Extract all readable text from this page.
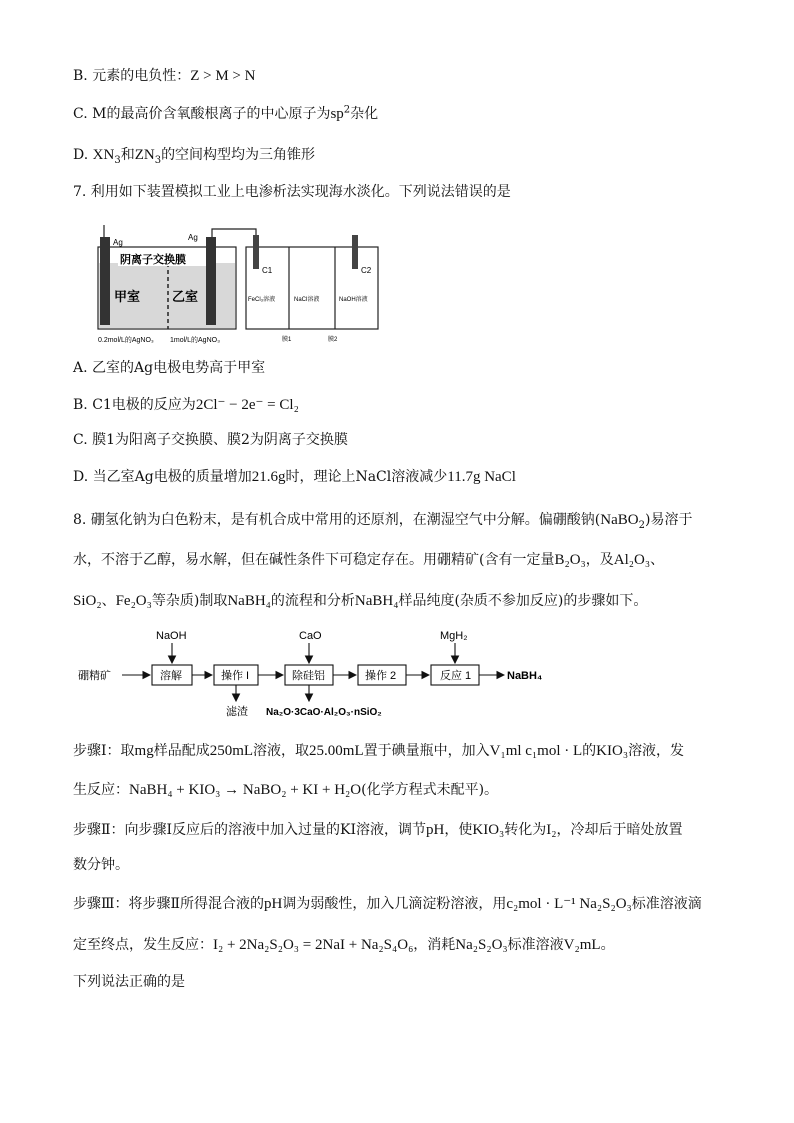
B. 元素的电负性：Z > M > N
C. M的最高价含氧酸根离子的中心原子为$sp^2$杂化
D. $XN_3$和$ZN_3$的空间构型均为三角锥形
7. 利用如下装置模拟工业上电渗析法实现海水淡化。下列说法错误的是
Ag
Ag
阴离子交换膜
甲室 乙室
0.2mol/L的AgNO₃ 1mol/L的AgNO₃
C1	C2
FeCl₃溶液	NaCl溶液	NaOH溶液
膜1	膜2
A. 乙室的Ag电极电势高于甲室
B. C1电极的反应为2Cl⁻ − 2e⁻ = Cl₂
C. 膜1为阳离子交换膜、膜2为阴离子交换膜
D. 当乙室Ag电极的质量增加21.6g时，理论上NaCl溶液减少11.7g NaCl
8. 硼氢化钠为白色粉末，是有机合成中常用的还原剂，在潮湿空气中分解。偏硼酸钠(NaBO$_2$)易溶于
水，不溶于乙醇，易水解，但在碱性条件下可稳定存在。用硼精矿(含有一定量B₂O₃，及Al₂O₃、
SiO₂、Fe₂O₃等杂质)制取NaBH₄的流程和分析NaBH₄样品纯度(杂质不参加反应)的步骤如下。
NaOH	CaO	MgH₂
硼精矿	溶解	操作 I	除硅铝	操作 2	反应 1	NaBH₄
滤渣 Na₂O·3CaO·Al₂O₃·nSiO₂
步骤Ⅰ：取mg样品配成250mL溶液，取25.00mL置于碘量瓶中，加入V₁ml c₁mol · L的KIO₃溶液，发
生反应：NaBH₄ + KIO₃ → NaBO₂ + KI + H₂O(化学方程式未配平)。
步骤Ⅱ：向步骤Ⅰ反应后的溶液中加入过量的KI溶液，调节pH，使KIO₃转化为I₂，冷却后于暗处放置
数分钟。
步骤Ⅲ：将步骤Ⅱ所得混合液的pH调为弱酸性，加入几滴淀粉溶液，用c₂mol · L⁻¹ Na₂S₂O₃标准溶液滴
定至终点，发生反应：I₂ + 2Na₂S₂O₃ = 2NaI + Na₂S₄O₆，消耗Na₂S₂O₃标准溶液V₂mL。
下列说法正确的是
